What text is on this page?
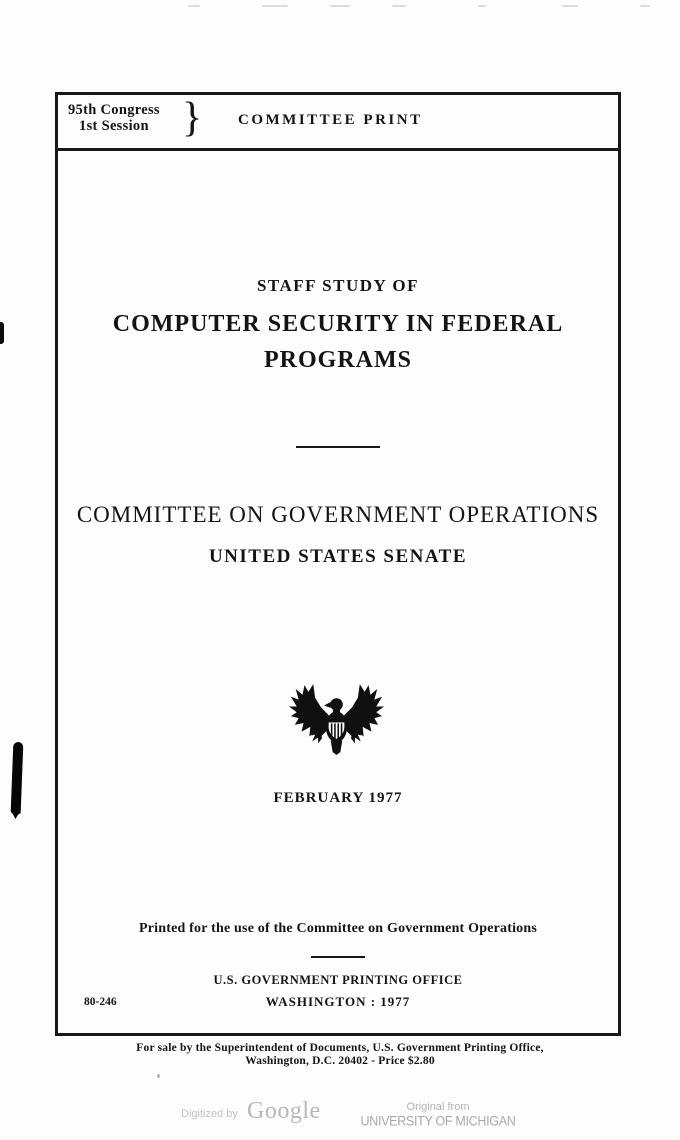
95th Congress
1st Session } COMMITTEE PRINT
STAFF STUDY OF
COMPUTER SECURITY IN FEDERAL
PROGRAMS
COMMITTEE ON GOVERNMENT OPERATIONS
UNITED STATES SENATE
FEBRUARY 1977
Printed for the use of the Committee on Government Operations
U.S. GOVERNMENT PRINTING OFFICE
WASHINGTON : 1977
80-246
For sale by the Superintendent of Documents, U.S. Government Printing Office,
Washington, D.C. 20402 - Price $2.80
Digitized by Google	Original from
UNIVERSITY OF MICHIGAN
